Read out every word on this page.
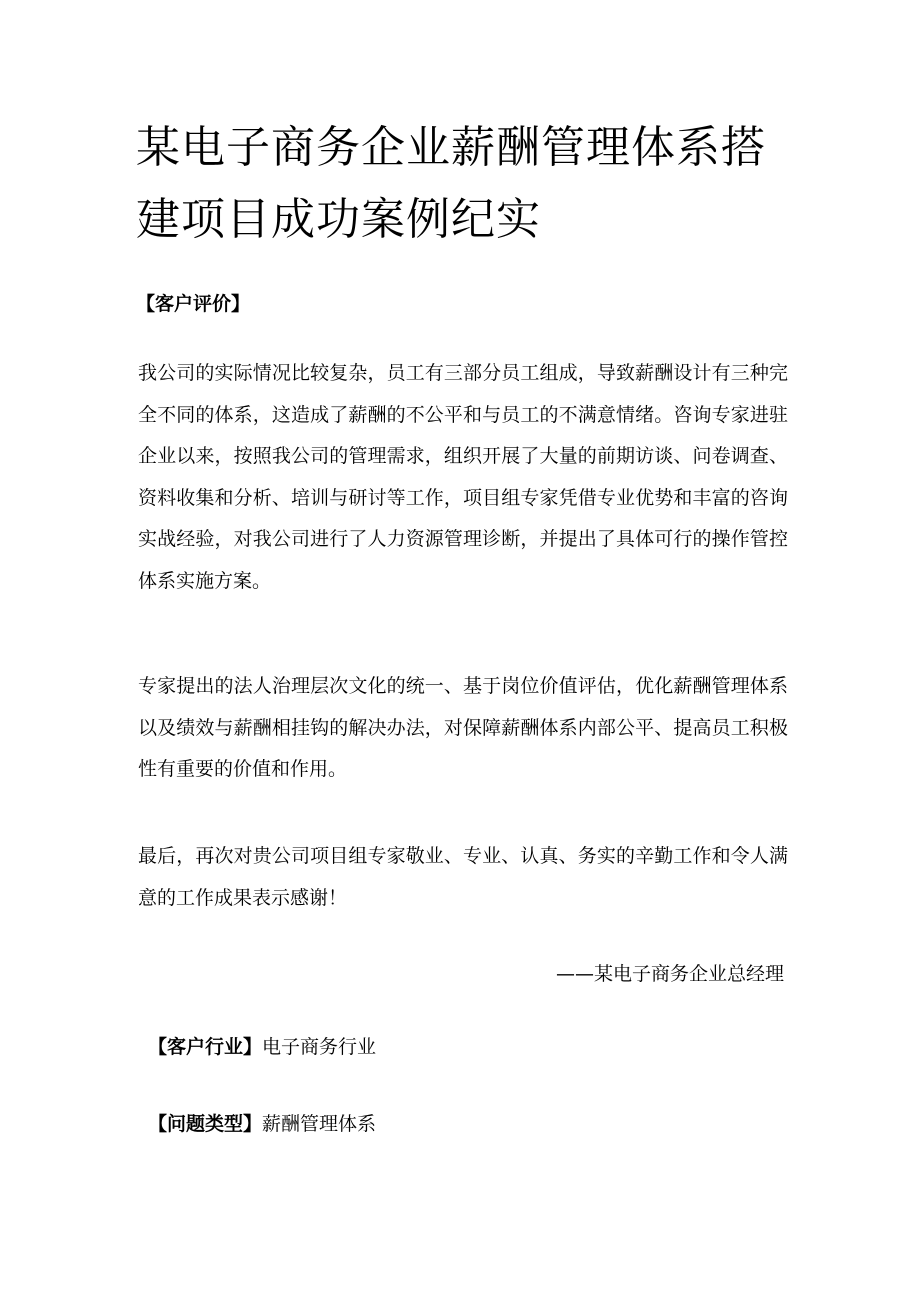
某电子商务企业薪酬管理体系搭建项目成功案例纪实

【客户评价】

我公司的实际情况比较复杂，员工有三部分员工组成，导致薪酬设计有三种完全不同的体系，这造成了薪酬的不公平和与员工的不满意情绪。咨询专家进驻企业以来，按照我公司的管理需求，组织开展了大量的前期访谈、问卷调查、资料收集和分析、培训与研讨等工作，项目组专家凭借专业优势和丰富的咨询实战经验，对我公司进行了人力资源管理诊断，并提出了具体可行的操作管控体系实施方案。

专家提出的法人治理层次文化的统一、基于岗位价值评估，优化薪酬管理体系以及绩效与薪酬相挂钩的解决办法，对保障薪酬体系内部公平、提高员工积极性有重要的价值和作用。

最后，再次对贵公司项目组专家敬业、专业、认真、务实的辛勤工作和令人满意的工作成果表示感谢！

——某电子商务企业总经理

【客户行业】电子商务行业

【问题类型】薪酬管理体系
